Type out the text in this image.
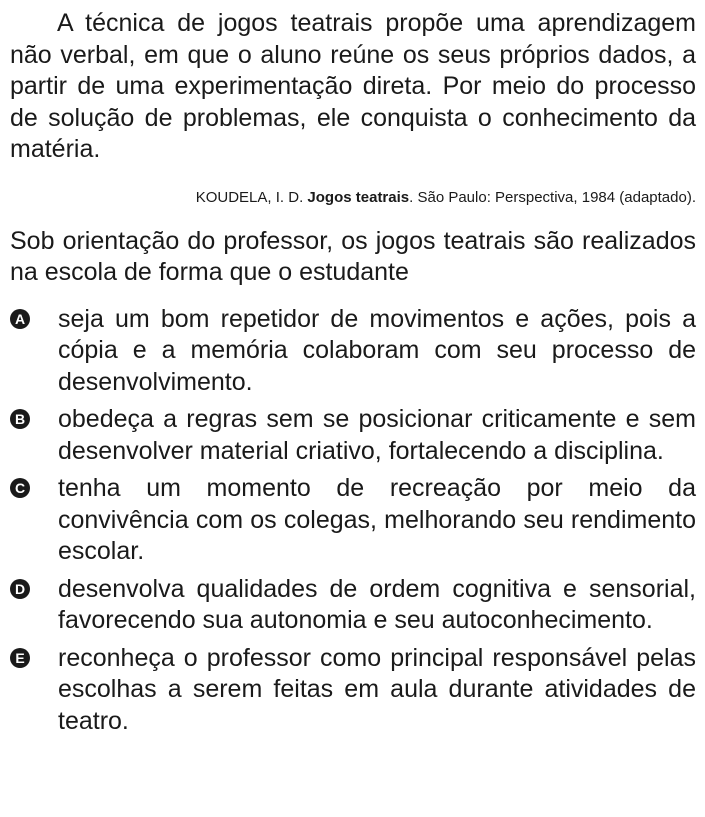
A técnica de jogos teatrais propõe uma aprendizagem não verbal, em que o aluno reúne os seus próprios dados, a partir de uma experimentação direta. Por meio do processo de solução de problemas, ele conquista o conhecimento da matéria.

KOUDELA, I. D. Jogos teatrais. São Paulo: Perspectiva, 1984 (adaptado).

Sob orientação do professor, os jogos teatrais são realizados na escola de forma que o estudante

A seja um bom repetidor de movimentos e ações, pois a cópia e a memória colaboram com seu processo de desenvolvimento.
B obedeça a regras sem se posicionar criticamente e sem desenvolver material criativo, fortalecendo a disciplina.
C tenha um momento de recreação por meio da convivência com os colegas, melhorando seu rendimento escolar.
D desenvolva qualidades de ordem cognitiva e sensorial, favorecendo sua autonomia e seu autoconhecimento.
E reconheça o professor como principal responsável pelas escolhas a serem feitas em aula durante atividades de teatro.
